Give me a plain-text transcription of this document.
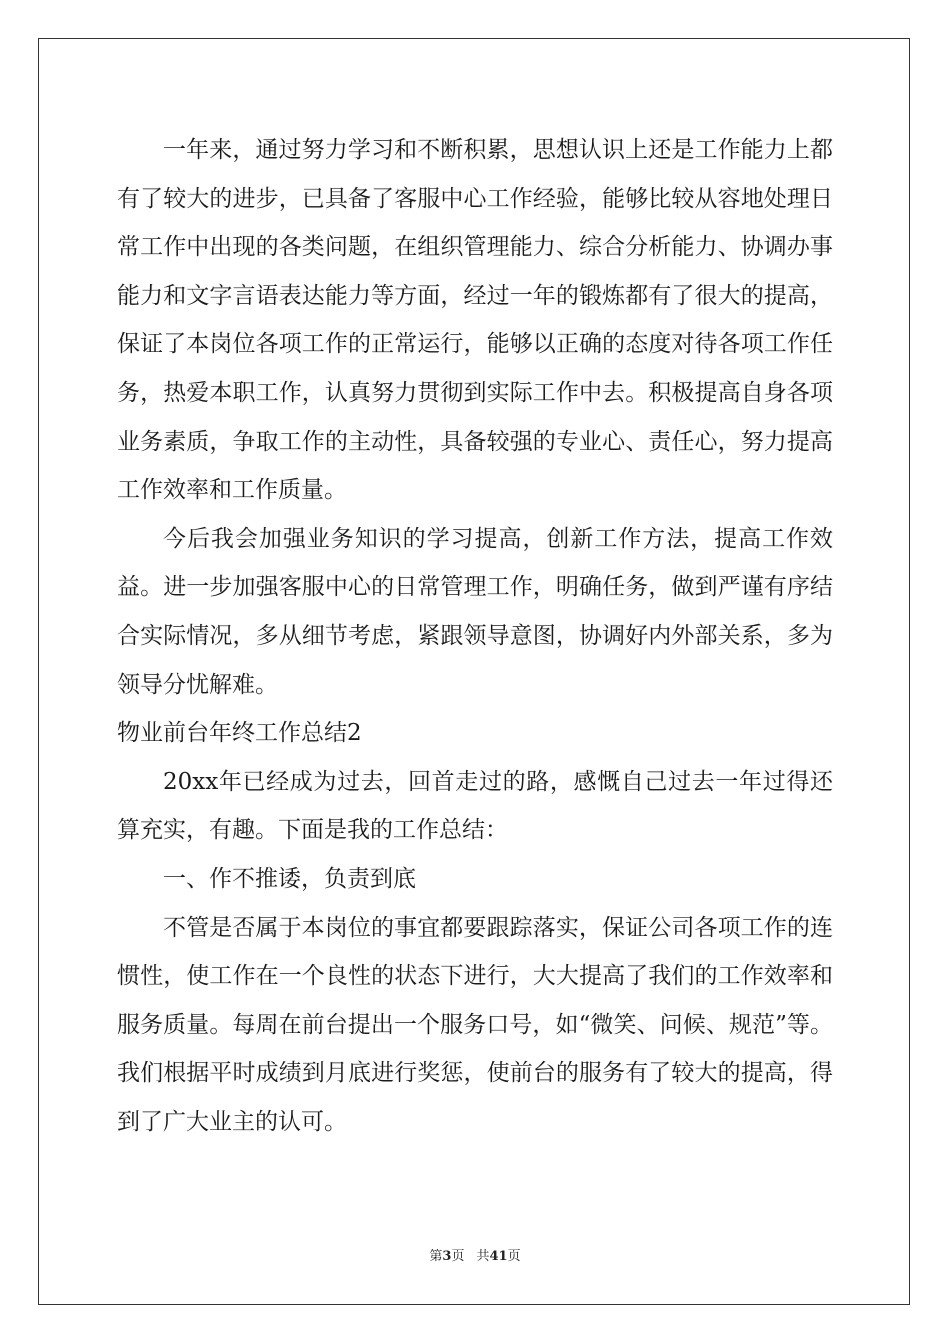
一年来，通过努力学习和不断积累，思想认识上还是工作能力上都有了较大的进步，已具备了客服中心工作经验，能够比较从容地处理日常工作中出现的各类问题，在组织管理能力、综合分析能力、协调办事能力和文字言语表达能力等方面，经过一年的锻炼都有了很大的提高，保证了本岗位各项工作的正常运行，能够以正确的态度对待各项工作任务，热爱本职工作，认真努力贯彻到实际工作中去。积极提高自身各项业务素质，争取工作的主动性，具备较强的专业心、责任心，努力提高工作效率和工作质量。

今后我会加强业务知识的学习提高，创新工作方法，提高工作效益。进一步加强客服中心的日常管理工作，明确任务，做到严谨有序结合实际情况，多从细节考虑，紧跟领导意图，协调好内外部关系，多为领导分忧解难。

物业前台年终工作总结2

20xx年已经成为过去，回首走过的路，感慨自己过去一年过得还算充实，有趣。下面是我的工作总结：

一、作不推诿，负责到底

不管是否属于本岗位的事宜都要跟踪落实，保证公司各项工作的连惯性，使工作在一个良性的状态下进行，大大提高了我们的工作效率和服务质量。每周在前台提出一个服务口号，如“微笑、问候、规范”等。我们根据平时成绩到月底进行奖惩，使前台的服务有了较大的提高，得到了广大业主的认可。

第3页 共41页
